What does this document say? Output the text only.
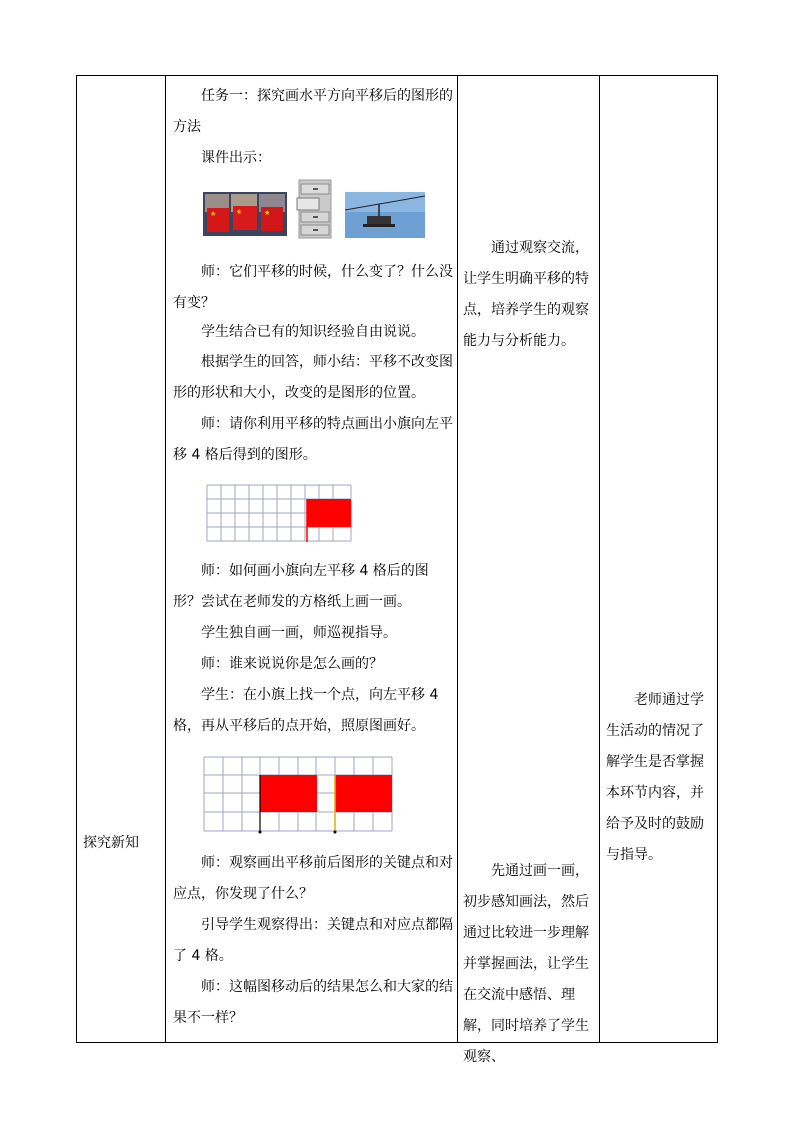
探究新知
任务一：探究画水平方向平移后的图形的方法
课件出示：
★	★	★
师：它们平移的时候，什么变了？什么没有变？
学生结合已有的知识经验自由说说。
根据学生的回答，师小结：平移不改变图形的形状和大小，改变的是图形的位置。
师：请你利用平移的特点画出小旗向左平移 4 格后得到的图形。
师：如何画小旗向左平移 4 格后的图形？尝试在老师发的方格纸上画一画。
学生独自画一画，师巡视指导。
师：谁来说说你是怎么画的？
学生：在小旗上找一个点，向左平移 4 格，再从平移后的点开始，照原图画好。
师：观察画出平移前后图形的关键点和对应点，你发现了什么？
引导学生观察得出：关键点和对应点都隔了 4 格。
师：这幅图移动后的结果怎么和大家的结果不一样？
通过观察交流，让学生明确平移的特点，培养学生的观察能力与分析能力。
先通过画一画，初步感知画法，然后通过比较进一步理解并掌握画法，让学生在交流中感悟、理解，同时培养了学生观察、
老师通过学生活动的情况了解学生是否掌握本环节内容，并给予及时的鼓励与指导。
